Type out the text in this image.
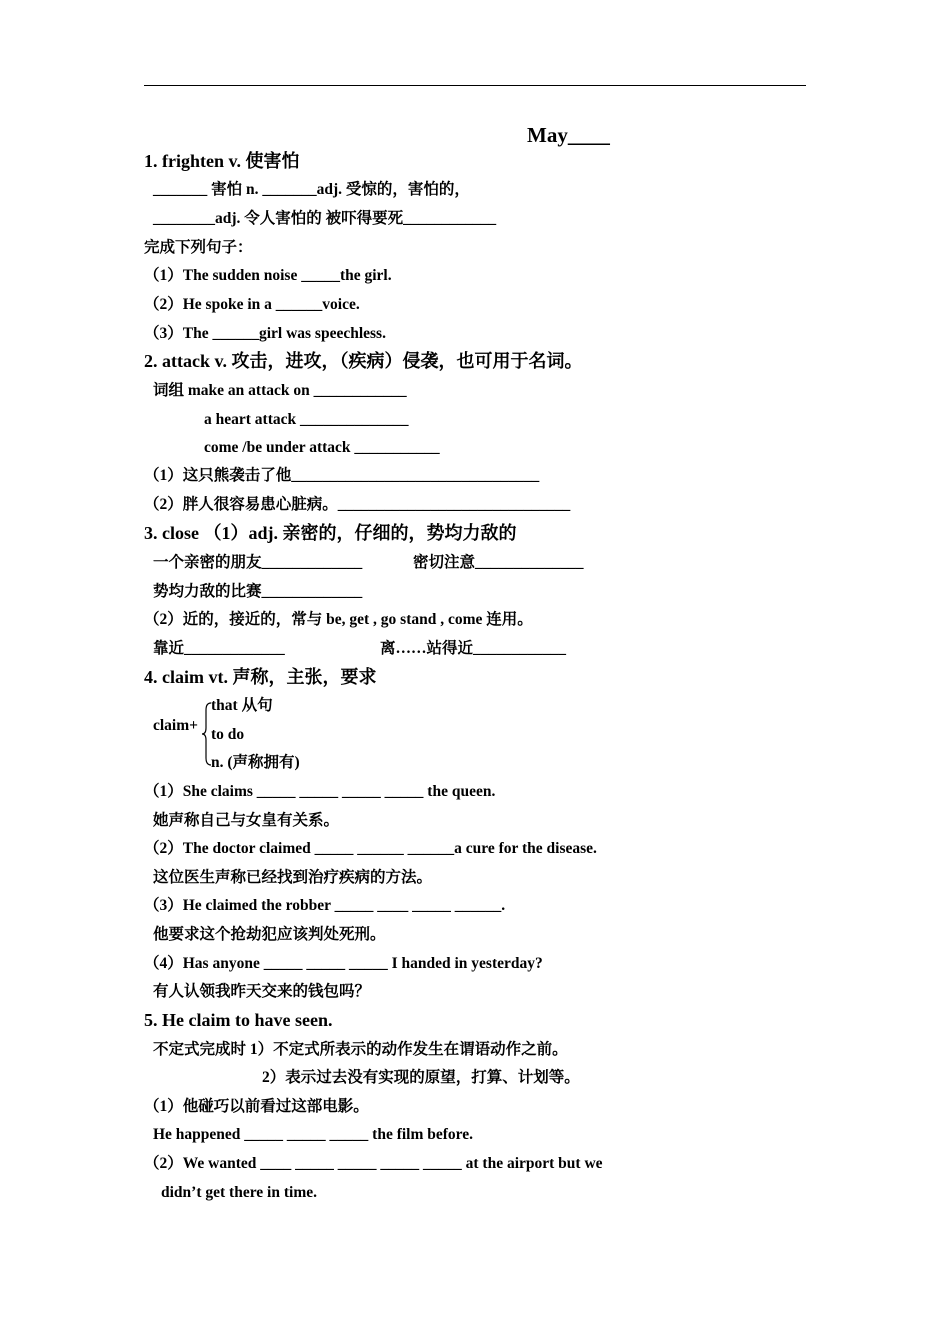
May____
1. frighten v. 使害怕
_______ 害怕 n. _______adj. 受惊的，害怕的，
________adj. 令人害怕的 被吓得要死____________
完成下列句子：
（1）The sudden noise _____the girl.
（2）He spoke in a ______voice.
（3）The ______girl was speechless.
2. attack v. 攻击，进攻，（疾病）侵袭，也可用于名词。
词组 make an attack on ____________
a heart attack ______________
come /be under attack ___________
（1）这只熊袭击了他________________________________
（2）胖人很容易患心脏病。______________________________
3. close （1）adj. 亲密的，仔细的，势均力敌的
一个亲密的朋友_____________	密切注意______________
势均力敌的比赛_____________
（2）近的，接近的，常与 be, get , go stand , come 连用。
靠近_____________	离……站得近____________
4. claim vt. 声称，主张，要求
claim+
that 从句
to do
n. (声称拥有)
（1）She claims _____ _____ _____ _____ the queen.
她声称自己与女皇有关系。
（2）The doctor claimed _____ ______ ______a cure for the disease.
这位医生声称已经找到治疗疾病的方法。
（3）He claimed the robber _____ ____ _____ ______.
他要求这个抢劫犯应该判处死刑。
（4）Has anyone _____ _____ _____ I handed in yesterday?
有人认领我昨天交来的钱包吗？
5. He claim to have seen.
不定式完成时 1）不定式所表示的动作发生在谓语动作之前。
2）表示过去没有实现的原望，打算、计划等。
（1）他碰巧以前看过这部电影。
He happened _____ _____ _____ the film before.
（2）We wanted ____ _____ _____ _____ _____ at the airport but we
didn’t get there in time.
